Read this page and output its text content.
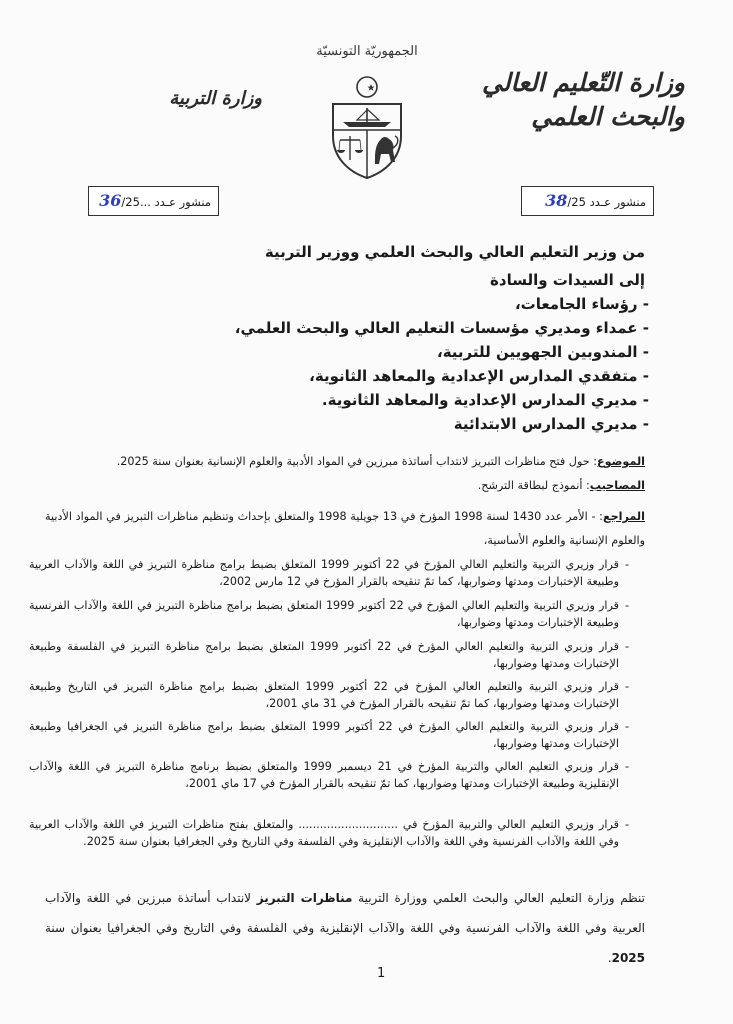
الجمهوريّة التونسيّة
وزارة التّعليم العالي
والبحث العلمي
وزارة التربية
منشور عـدد 38/25
منشور عـدد ...36/25
من وزير التعليم العالي والبحث العلمي ووزير التربية
إلى السيدات والسادة
- رؤساء الجامعات،
- عمداء ومديري مؤسسات التعليم العالي والبحث العلمي،
- المندوبين الجهويين للتربية،
- متفقدي المدارس الإعدادية والمعاهد الثانوية،
- مديري المدارس الإعدادية والمعاهد الثانوية.
- مديري المدارس الابتدائية
الموضوع: حول فتح مناظرات التبريز لانتداب أساتذة مبرزين في المواد الأدبية والعلوم الإنسانية بعنوان سنة 2025.
المصاحيب: أنموذج لبطاقة الترشح.
المراجع: - الأمر عدد 1430 لسنة 1998 المؤرخ في 13 جويلية 1998 والمتعلق بإحداث وتنظيم مناظرات التبريز في المواد الأدبية والعلوم الإنسانية والعلوم الأساسية،
-
قرار وزيري التربية والتعليم العالي المؤرخ في 22 أكتوبر 1999 المتعلق بضبط برامج مناظرة التبريز في اللغة والآداب العربية وطبيعة الإختبارات ومدتها وضواربها، كما تمّ تنقيحه بالقرار المؤرخ في 12 مارس 2002،
-
قرار وزيري التربية والتعليم العالي المؤرخ في 22 أكتوبر 1999 المتعلق بضبط برامج مناظرة التبريز في اللغة والآداب الفرنسية وطبيعة الإختبارات ومدتها وضواربها،
-
قرار وزيري التربية والتعليم العالي المؤرخ في 22 أكتوبر 1999 المتعلق بضبط برامج مناظرة التبريز في الفلسفة وطبيعة الإختبارات ومدتها وضواربها،
-
قرار وزيري التربية والتعليم العالي المؤرخ في 22 أكتوبر 1999 المتعلق بضبط برامج مناظرة التبريز في التاريخ وطبيعة الإختبارات ومدتها وضواربها، كما تمّ تنقيحه بالقرار المؤرخ في 31 ماي 2001،
-
قرار وزيري التربية والتعليم العالي المؤرخ في 22 أكتوبر 1999 المتعلق بضبط برامج مناظرة التبريز في الجغرافيا وطبيعة الإختبارات ومدتها وضواربها،
-
قرار وزيري التعليم العالي والتربية المؤرخ في 21 ديسمبر 1999 والمتعلق بضبط برنامج مناظرة التبريز في اللغة والآداب الإنقليزية وطبيعة الإختبارات ومدتها وضواربها، كما تمّ تنقيحه بالقرار المؤرخ في 17 ماي 2001،
-
قرار وزيري التعليم العالي والتربية المؤرخ في ............................ والمتعلق بفتح مناظرات التبريز في اللغة والآداب العربية وفي اللغة والآداب الفرنسية وفي اللغة والآداب الإنقليزية وفي الفلسفة وفي التاريخ وفي الجغرافيا بعنوان سنة 2025.
تنظم وزارة التعليم العالي والبحث العلمي ووزارة التربية مناظرات التبريز لانتداب أساتذة مبرزين في اللغة والآداب العربية وفي اللغة والآداب الفرنسية وفي اللغة والآداب الإنقليزية وفي الفلسفة وفي التاريخ وفي الجغرافيا بعنوان سنة 2025.
1
